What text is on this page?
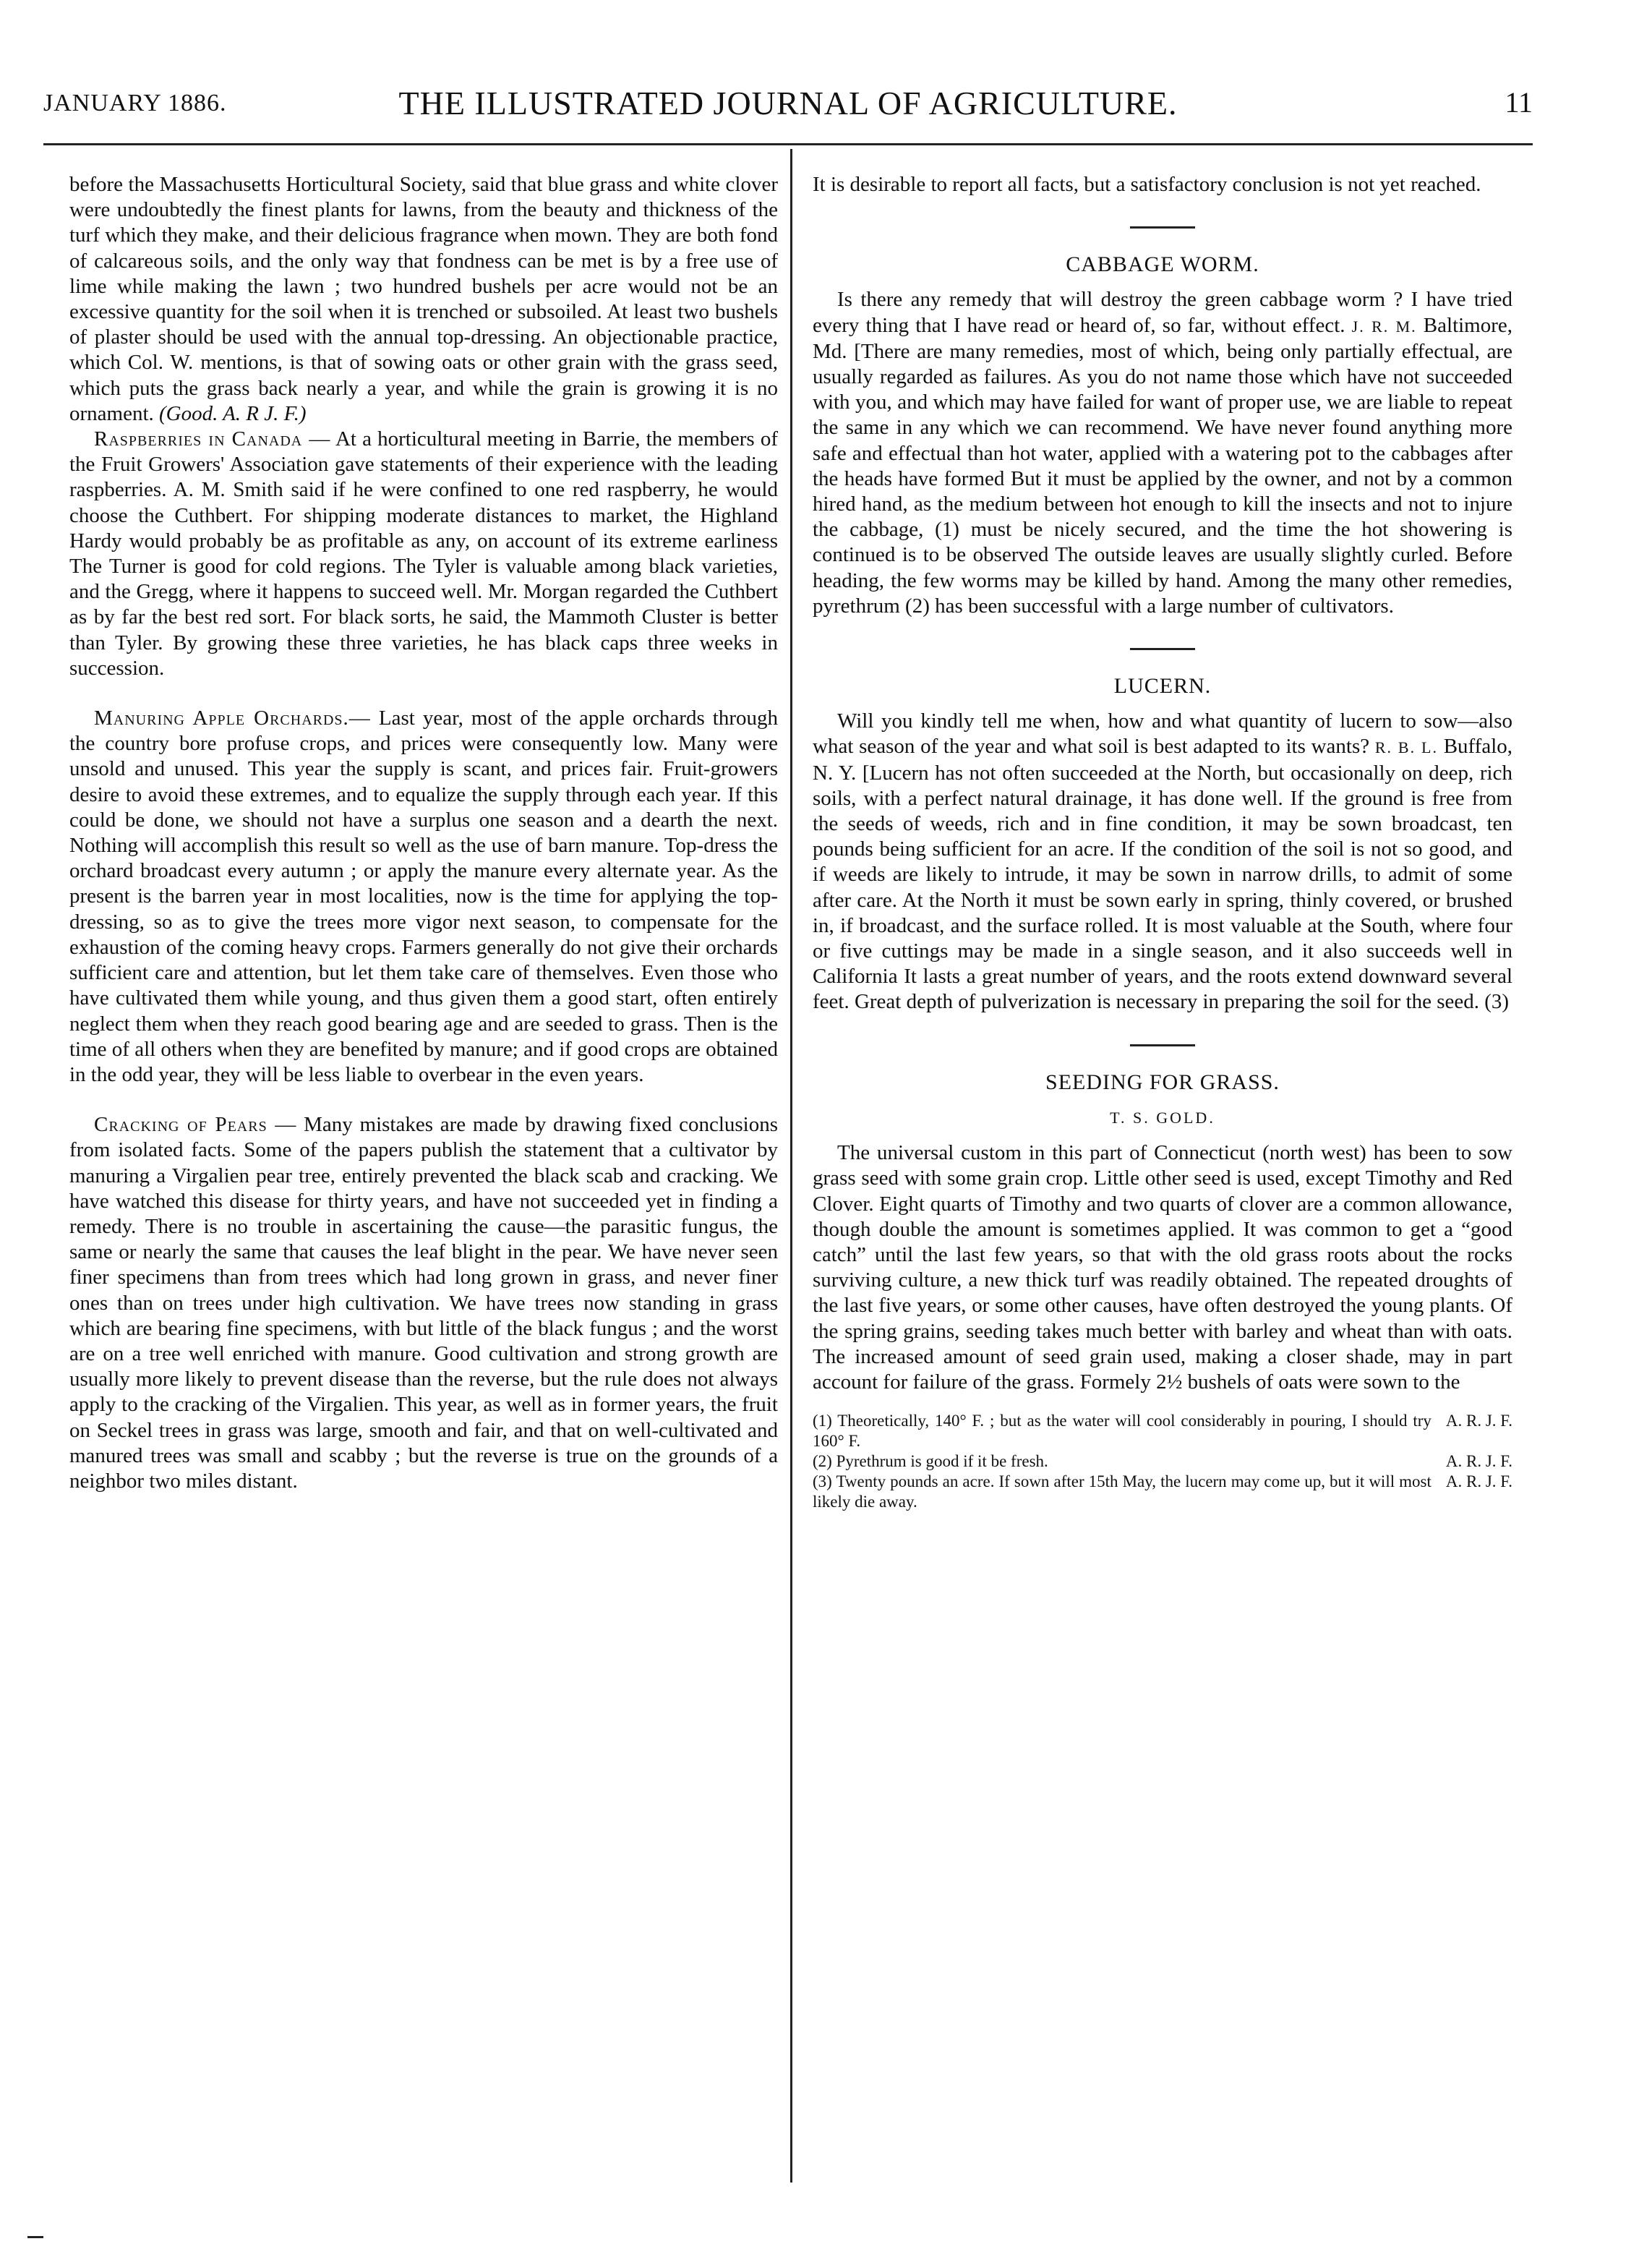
JANUARY 1886.	THE ILLUSTRATED JOURNAL OF AGRICULTURE.	11

before the Massachusetts Horticultural Society, said that blue grass and white clover were undoubtedly the finest plants for lawns, from the beauty and thickness of the turf which they make, and their delicious fragrance when mown. They are both fond of calcareous soils, and the only way that fondness can be met is by a free use of lime while making the lawn ; two hundred bushels per acre would not be an excessive quantity for the soil when it is trenched or subsoiled. At least two bushels of plaster should be used with the annual top-dressing. An objectionable practice, which Col. W. mentions, is that of sowing oats or other grain with the grass seed, which puts the grass back nearly a year, and while the grain is growing it is no ornament. (Good. A. R J. F.)

Raspberries in Canada — At a horticultural meeting in Barrie, the members of the Fruit Growers' Association gave statements of their experience with the leading raspberries. A. M. Smith said if he were confined to one red raspberry, he would choose the Cuthbert. For shipping moderate distances to market, the Highland Hardy would probably be as profitable as any, on account of its extreme earliness The Turner is good for cold regions. The Tyler is valuable among black varieties, and the Gregg, where it happens to succeed well. Mr. Morgan regarded the Cuthbert as by far the best red sort. For black sorts, he said, the Mammoth Cluster is better than Tyler. By growing these three varieties, he has black caps three weeks in succession.

Manuring Apple Orchards.— Last year, most of the apple orchards through the country bore profuse crops, and prices were consequently low. Many were unsold and unused. This year the supply is scant, and prices fair. Fruit-growers desire to avoid these extremes, and to equalize the supply through each year. If this could be done, we should not have a surplus one season and a dearth the next. Nothing will accomplish this result so well as the use of barn manure. Top-dress the orchard broadcast every autumn ; or apply the manure every alternate year. As the present is the barren year in most localities, now is the time for applying the top-dressing, so as to give the trees more vigor next season, to compensate for the exhaustion of the coming heavy crops. Farmers generally do not give their orchards sufficient care and attention, but let them take care of themselves. Even those who have cultivated them while young, and thus given them a good start, often entirely neglect them when they reach good bearing age and are seeded to grass. Then is the time of all others when they are benefited by manure; and if good crops are obtained in the odd year, they will be less liable to overbear in the even years.

Cracking of Pears — Many mistakes are made by drawing fixed conclusions from isolated facts. Some of the papers publish the statement that a cultivator by manuring a Virgalien pear tree, entirely prevented the black scab and cracking. We have watched this disease for thirty years, and have not succeeded yet in finding a remedy. There is no trouble in ascertaining the cause—the parasitic fungus, the same or nearly the same that causes the leaf blight in the pear. We have never seen finer specimens than from trees which had long grown in grass, and never finer ones than on trees under high cultivation. We have trees now standing in grass which are bearing fine specimens, with but little of the black fungus ; and the worst are on a tree well enriched with manure. Good cultivation and strong growth are usually more likely to prevent disease than the reverse, but the rule does not always apply to the cracking of the Virgalien. This year, as well as in former years, the fruit on Seckel trees in grass was large, smooth and fair, and that on well-cultivated and manured trees was small and scabby ; but the reverse is true on the grounds of a neighbor two miles distant.

It is desirable to report all facts, but a satisfactory conclusion is not yet reached.

CABBAGE WORM.

Is there any remedy that will destroy the green cabbage worm ? I have tried every thing that I have read or heard of, so far, without effect. J. R. M. Baltimore, Md. [There are many remedies, most of which, being only partially effectual, are usually regarded as failures. As you do not name those which have not succeeded with you, and which may have failed for want of proper use, we are liable to repeat the same in any which we can recommend. We have never found anything more safe and effectual than hot water, applied with a watering pot to the cabbages after the heads have formed But it must be applied by the owner, and not by a common hired hand, as the medium between hot enough to kill the insects and not to injure the cabbage, (1) must be nicely secured, and the time the hot showering is continued is to be observed The outside leaves are usually slightly curled. Before heading, the few worms may be killed by hand. Among the many other remedies, pyrethrum (2) has been successful with a large number of cultivators.

LUCERN.

Will you kindly tell me when, how and what quantity of lucern to sow—also what season of the year and what soil is best adapted to its wants? R. B. L. Buffalo, N. Y. [Lucern has not often succeeded at the North, but occasionally on deep, rich soils, with a perfect natural drainage, it has done well. If the ground is free from the seeds of weeds, rich and in fine condition, it may be sown broadcast, ten pounds being sufficient for an acre. If the condition of the soil is not so good, and if weeds are likely to intrude, it may be sown in narrow drills, to admit of some after care. At the North it must be sown early in spring, thinly covered, or brushed in, if broadcast, and the surface rolled. It is most valuable at the South, where four or five cuttings may be made in a single season, and it also succeeds well in California It lasts a great number of years, and the roots extend downward several feet. Great depth of pulverization is necessary in preparing the soil for the seed. (3)

SEEDING FOR GRASS.
T. S. GOLD.

The universal custom in this part of Connecticut (north west) has been to sow grass seed with some grain crop. Little other seed is used, except Timothy and Red Clover. Eight quarts of Timothy and two quarts of clover are a common allowance, though double the amount is sometimes applied. It was common to get a “good catch” until the last few years, so that with the old grass roots about the rocks surviving culture, a new thick turf was readily obtained. The repeated droughts of the last five years, or some other causes, have often destroyed the young plants. Of the spring grains, seeding takes much better with barley and wheat than with oats. The increased amount of seed grain used, making a closer shade, may in part account for failure of the grass. Formely 2½ bushels of oats were sown to the

(1) Theoretically, 140° F. ; but as the water will cool considerably in pouring, I should try 160° F.
A. R. J. F.
(2) Pyrethrum is good if it be fresh.	A. R. J. F.
(3) Twenty pounds an acre. If sown after 15th May, the lucern may come up, but it will most likely die away.
A. R. J. F.
